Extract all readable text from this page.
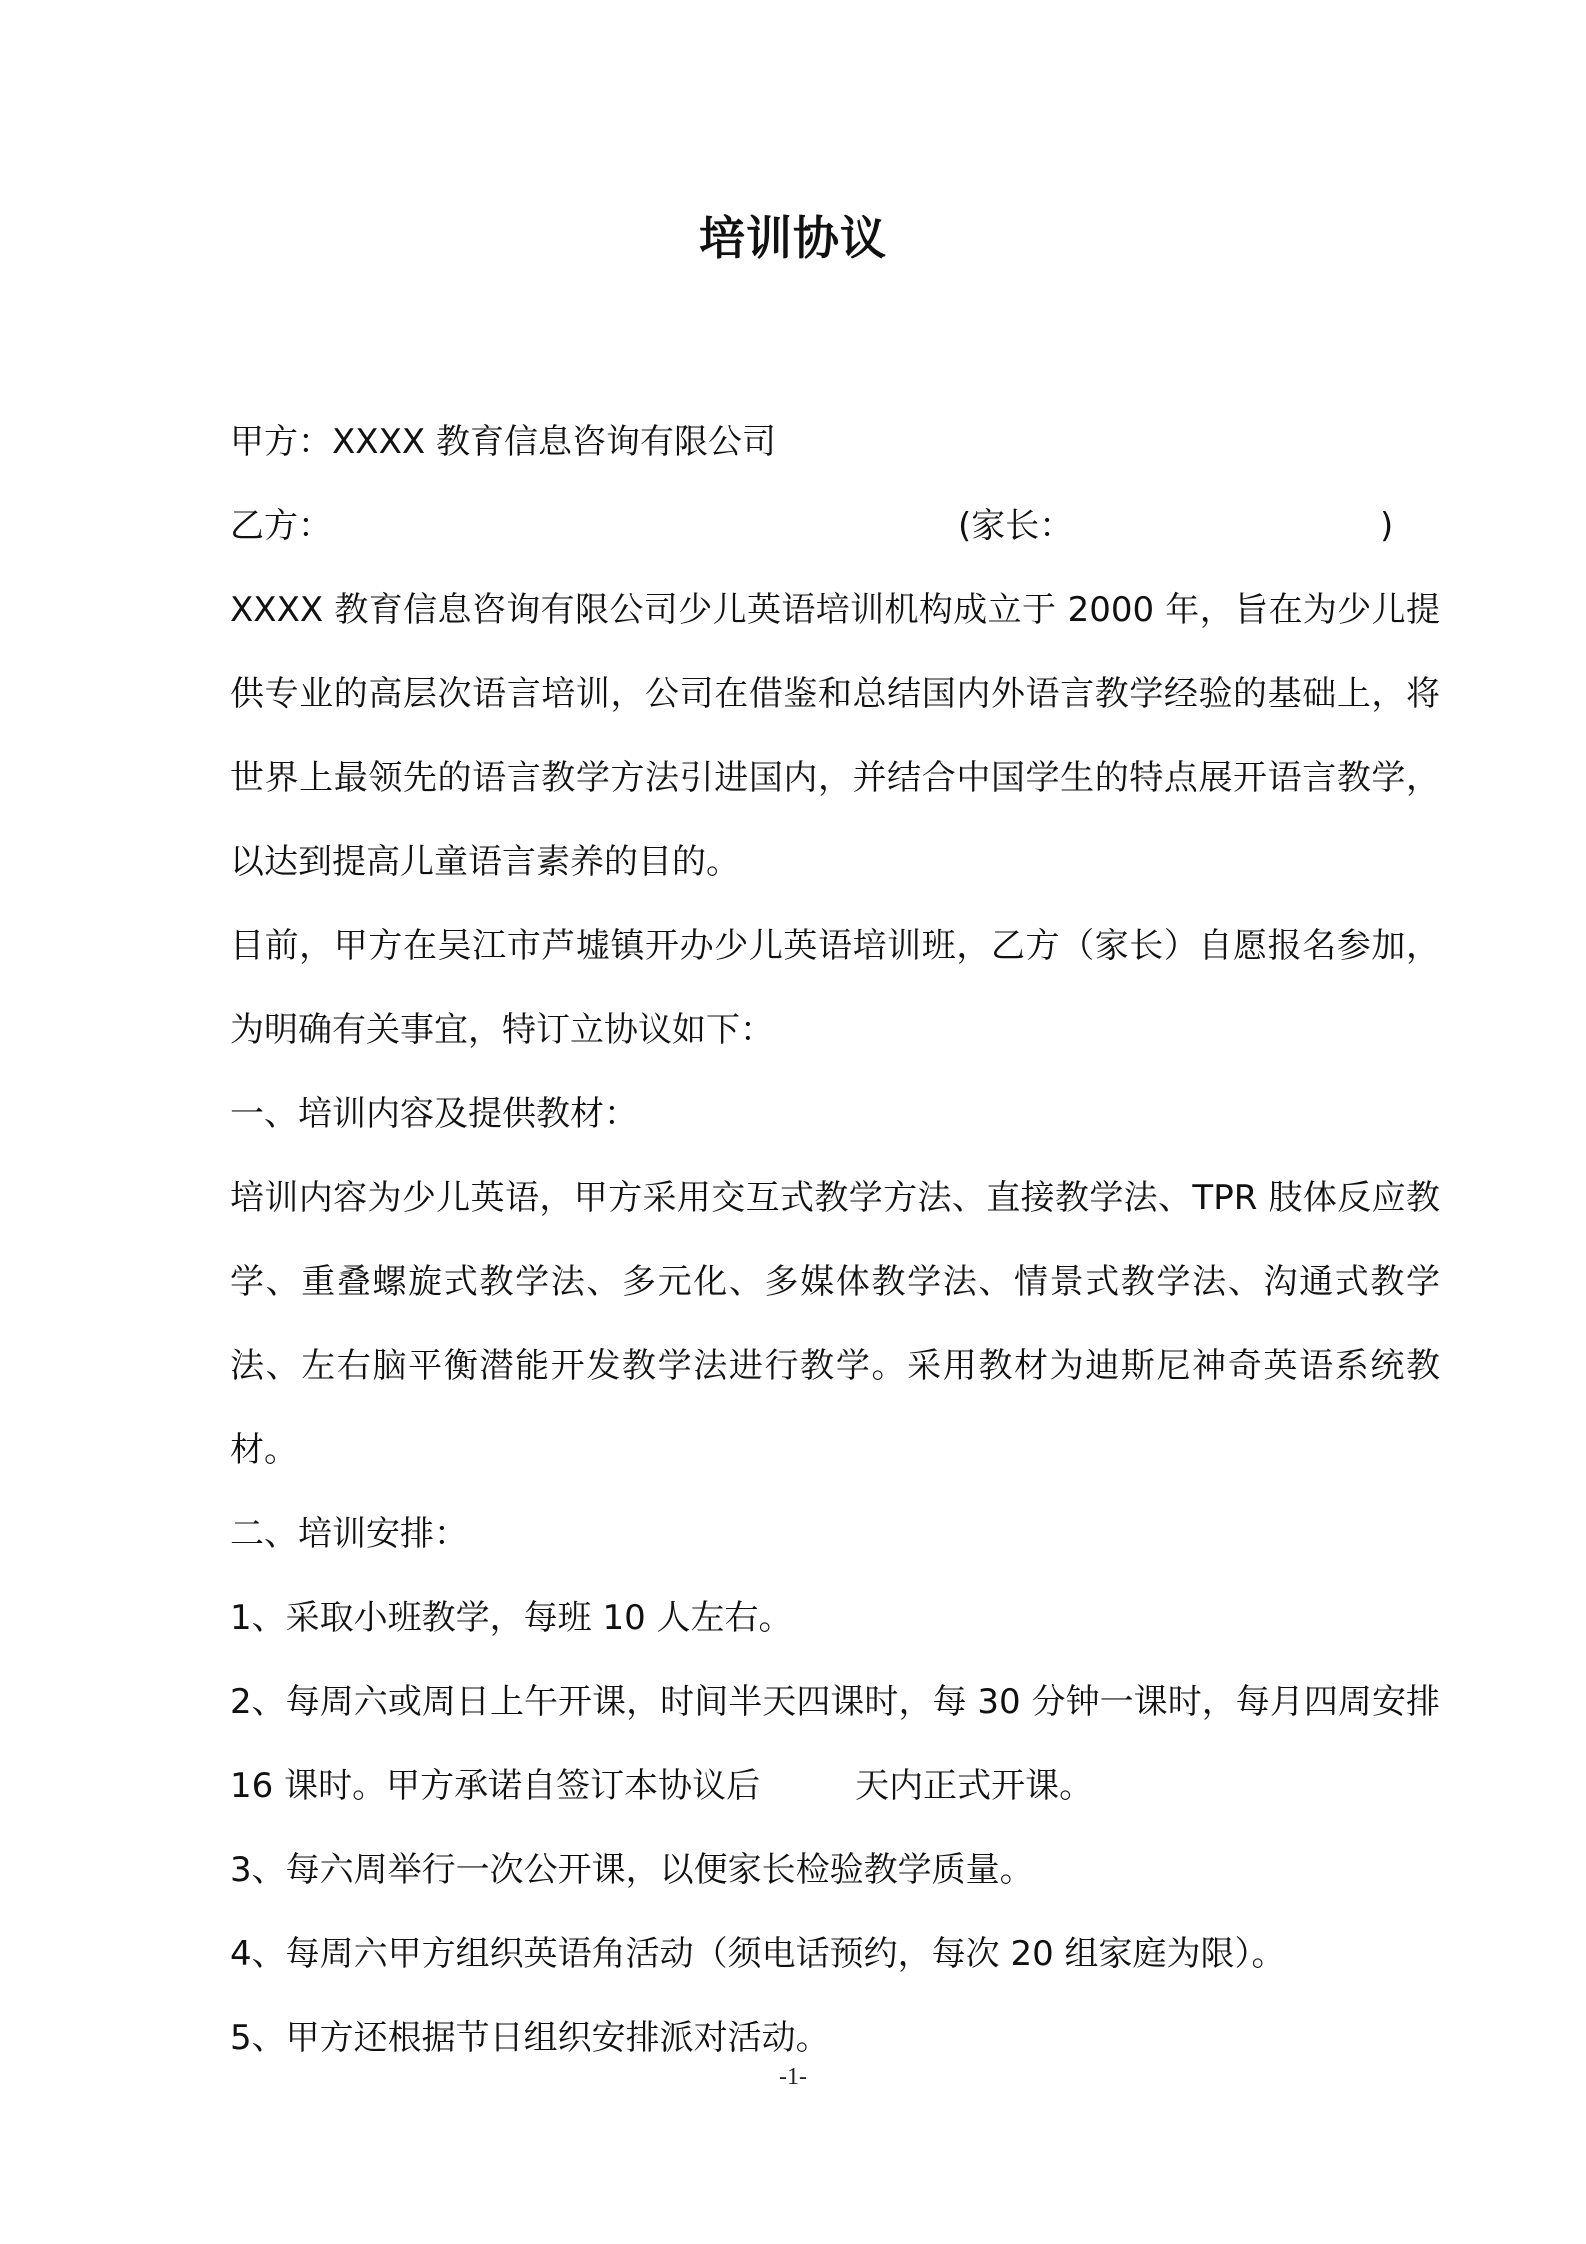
培训协议
甲方：XXXX 教育信息咨询有限公司
乙方：	(家长：	)
XXXX 教育信息咨询有限公司少儿英语培训机构成立于 2000 年，旨在为少儿提供专业的高层次语言培训，公司在借鉴和总结国内外语言教学经验的基础上，将世界上最领先的语言教学方法引进国内，并结合中国学生的特点展开语言教学，以达到提高儿童语言素养的目的。
目前，甲方在吴江市芦墟镇开办少儿英语培训班，乙方（家长）自愿报名参加，为明确有关事宜，特订立协议如下：
一、培训内容及提供教材：
培训内容为少儿英语，甲方采用交互式教学方法、直接教学法、TPR 肢体反应教学、重叠螺旋式教学法、多元化、多媒体教学法、情景式教学法、沟通式教学法、左右脑平衡潜能开发教学法进行教学。采用教材为迪斯尼神奇英语系统教材。
二、培训安排：
1、采取小班教学，每班 10 人左右。
2、每周六或周日上午开课，时间半天四课时，每 30 分钟一课时，每月四周安排 16 课时。甲方承诺自签订本协议后	天内正式开课。
3、每六周举行一次公开课，以便家长检验教学质量。
4、每周六甲方组织英语角活动（须电话预约，每次 20 组家庭为限）。
5、甲方还根据节日组织安排派对活动。
-1-
